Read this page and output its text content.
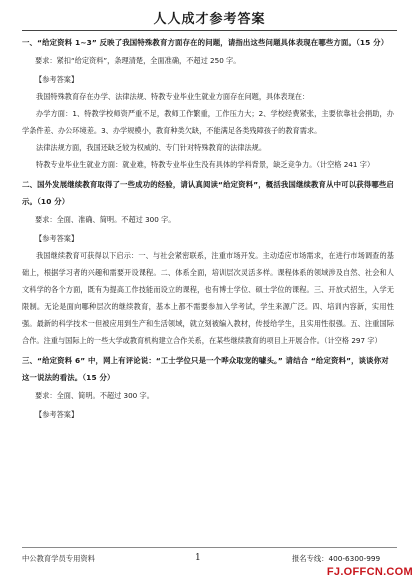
人人成才参考答案

一、“给定资料 1~3” 反映了我国特殊教育方面存在的问题，请指出这些问题具体表现在哪些方面。（15 分）

要求：紧扣“给定资料”，条理清楚，全面准确，不超过 250 字。

【参考答案】

我国特殊教育存在办学、法律法规、特教专业毕业生就业方面存在问题，具体表现在：

办学方面：1、特教学校师资严重不足，教师工作繁重，工作压力大；2、学校经费紧张，主要依靠社会捐助，办学条件差、办公环境差。3、办学规模小，教育种类欠缺，不能满足各类残障孩子的教育需求。

法律法规方面，我国还缺乏较为权威的、专门针对特殊教育的法律法规。

特教专业毕业生就业方面：就业难，特教专业毕业生没有具体的学科背景，缺乏竞争力。（计空格 241 字）

二、国外发展继续教育取得了一些成功的经验，请认真阅读“给定资料”，概括我国继续教育从中可以获得哪些启示。（10 分）

要求：全面、准确、简明。不超过 300 字。

【参考答案】

我国继续教育可获得以下启示：一、与社会紧密联系，注重市场开发。主动适应市场需求，在进行市场调查的基础上，根据学习者的兴趣和需要开设课程。二、体系全面，培训层次灵活多样。课程体系的领域涉及自然、社会和人文科学的各个方面，既有为提高工作技能而设立的课程，也有博士学位、硕士学位的课程。三、开放式招生，入学无限制。无论是面向哪种层次的继续教育，基本上都不需要参加入学考试，学生来源广泛。四、培训内容新，实用性强。最新的科学技术一但被应用到生产和生活领域，就立刻被编入教材，传授给学生，且实用性很强。五、注重国际合作。注重与国际上的一些大学或教育机构建立合作关系，在某些继续教育的项目上开展合作。（计空格 297 字）

三、“给定资料 6” 中，网上有评论说：“工士学位只是一个哗众取宠的噱头。” 请结合 “给定资料”，谈谈你对这一说法的看法。（15 分）

要求：全面、简明。不超过 300 字。

【参考答案】

中公教育学员专用资料	1	报名专线：400-6300-999
FJ.OFFCN.COM
